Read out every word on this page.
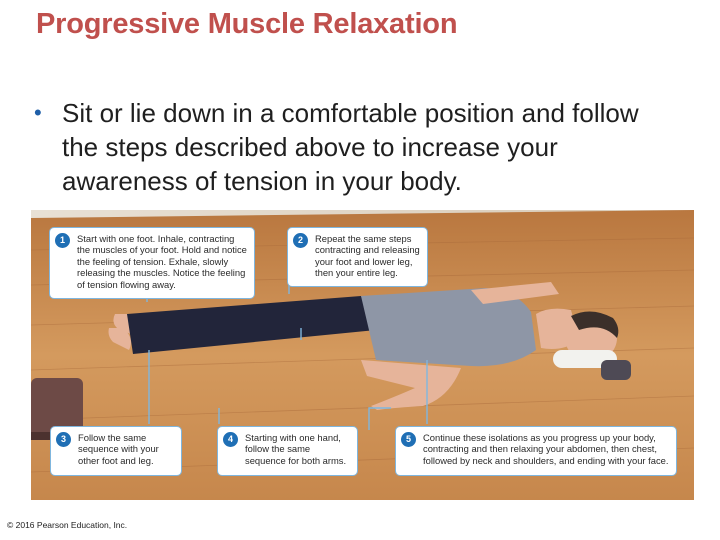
Progressive Muscle Relaxation
• Sit or lie down in a comfortable position and follow the steps described above to increase your awareness of tension in your body.
1	Start with one foot. Inhale, contracting the muscles of your foot. Hold and notice the feeling of tension. Exhale, slowly releasing the muscles. Notice the feeling of tension flowing away.
2	Repeat the same steps contracting and releasing your foot and lower leg, then your entire leg.
3	Follow the same sequence with your other foot and leg.
4	Starting with one hand, follow the same sequence for both arms.
5	Continue these isolations as you progress up your body, contracting and then relaxing your abdomen, then chest, followed by neck and shoulders, and ending with your face.
© 2016 Pearson Education, Inc.
